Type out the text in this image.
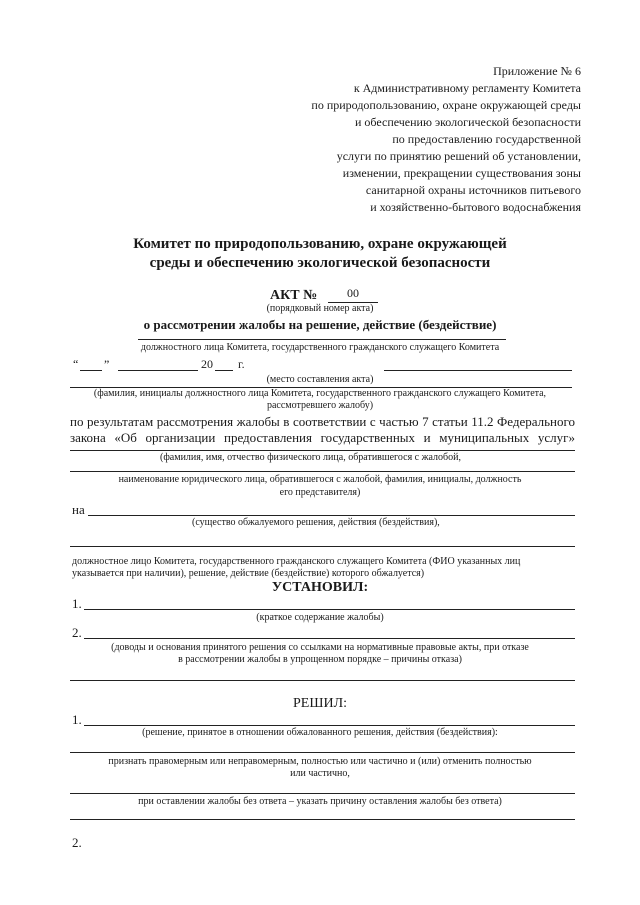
Приложение № 6
к Административному регламенту Комитета
по природопользованию, охране окружающей среды
и обеспечению экологической безопасности
по предоставлению государственной
услуги по принятию решений об установлении,
изменении, прекращении существования зоны
санитарной охраны источников питьевого
и хозяйственно-бытового водоснабжения
Комитет по природопользованию, охране окружающей
среды и обеспечению экологической безопасности
АКТ №	00
(порядковый номер акта)
о рассмотрении жалобы на решение, действие (бездействие)
должностного лица Комитета, государственного гражданского служащего Комитета
“ ”	20 г.
(место составления акта)
(фамилия, инициалы должностного лица Комитета, государственного гражданского служащего Комитета,
рассмотревшего жалобу)
по результатам рассмотрения жалобы в соответствии с частью 7 статьи 11.2 Федерального
закона «Об организации предоставления государственных и муниципальных услуг»
(фамилия, имя, отчество физического лица, обратившегося с жалобой,
наименование юридического лица, обратившегося с жалобой, фамилия, инициалы, должность
его представителя)
на
(существо обжалуемого решения, действия (бездействия),
должностное лицо Комитета, государственного гражданского служащего Комитета (ФИО указанных лиц
указывается при наличии), решение, действие (бездействие) которого обжалуется)
УСТАНОВИЛ:
1.
(краткое содержание жалобы)
2.
(доводы и основания принятого решения со ссылками на нормативные правовые акты, при отказе
в рассмотрении жалобы в упрощенном порядке – причины отказа)
РЕШИЛ:
1.
(решение, принятое в отношении обжалованного решения, действия (бездействия):
признать правомерным или неправомерным, полностью или частично и (или) отменить полностью
или частично,
при оставлении жалобы без ответа – указать причину оставления жалобы без ответа)
2.
